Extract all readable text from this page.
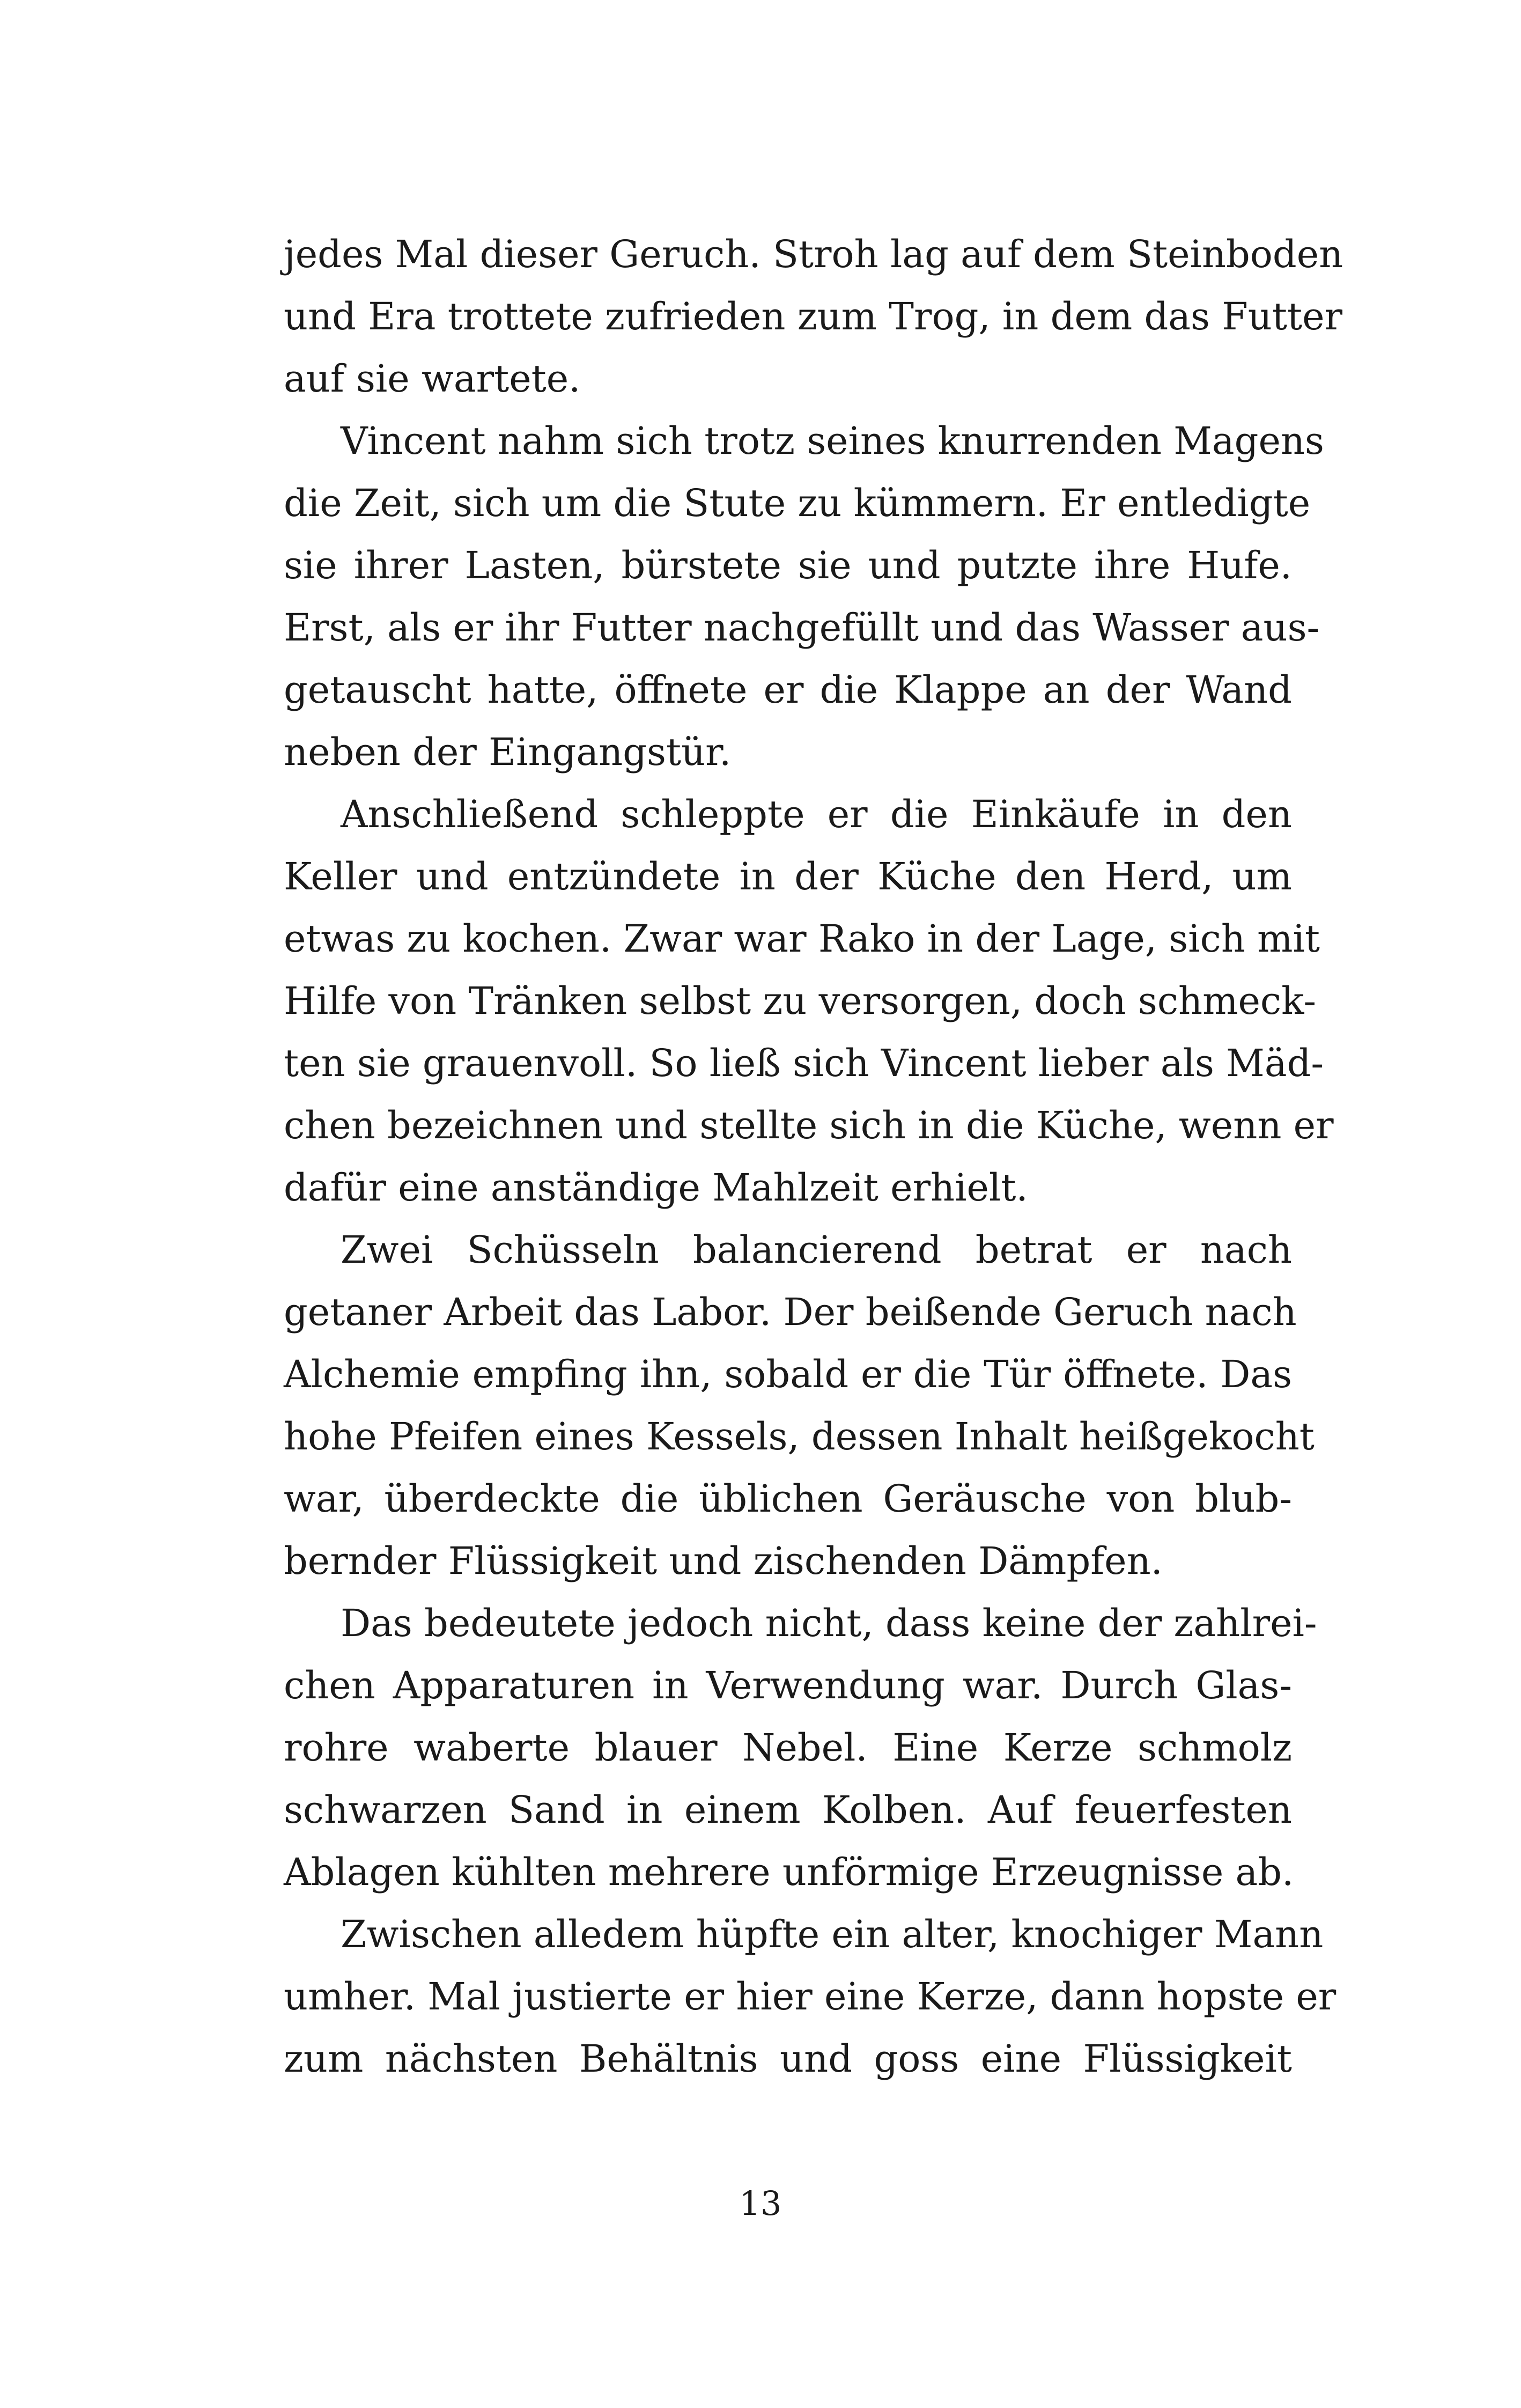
jedes Mal dieser Geruch. Stroh lag auf dem Steinboden
und Era trottete zufrieden zum Trog, in dem das Futter
auf sie wartete.
Vincent nahm sich trotz seines knurrenden Magens
die Zeit, sich um die Stute zu kümmern. Er entledigte
sie ihrer Lasten, bürstete sie und putzte ihre Hufe.
Erst, als er ihr Futter nachgefüllt und das Wasser aus-
getauscht hatte, öffnete er die Klappe an der Wand
neben der Eingangstür.
Anschließend schleppte er die Einkäufe in den
Keller und entzündete in der Küche den Herd, um
etwas zu kochen. Zwar war Rako in der Lage, sich mit
Hilfe von Tränken selbst zu versorgen, doch schmeck-
ten sie grauenvoll. So ließ sich Vincent lieber als Mäd-
chen bezeichnen und stellte sich in die Küche, wenn er
dafür eine anständige Mahlzeit erhielt.
Zwei Schüsseln balancierend betrat er nach
getaner Arbeit das Labor. Der beißende Geruch nach
Alchemie empfing ihn, sobald er die Tür öffnete. Das
hohe Pfeifen eines Kessels, dessen Inhalt heißgekocht
war, überdeckte die üblichen Geräusche von blub-
bernder Flüssigkeit und zischenden Dämpfen.
Das bedeutete jedoch nicht, dass keine der zahlrei-
chen Apparaturen in Verwendung war. Durch Glas-
rohre waberte blauer Nebel. Eine Kerze schmolz
schwarzen Sand in einem Kolben. Auf feuerfesten
Ablagen kühlten mehrere unförmige Erzeugnisse ab.
Zwischen alledem hüpfte ein alter, knochiger Mann
umher. Mal justierte er hier eine Kerze, dann hopste er
zum nächsten Behältnis und goss eine Flüssigkeit
13
